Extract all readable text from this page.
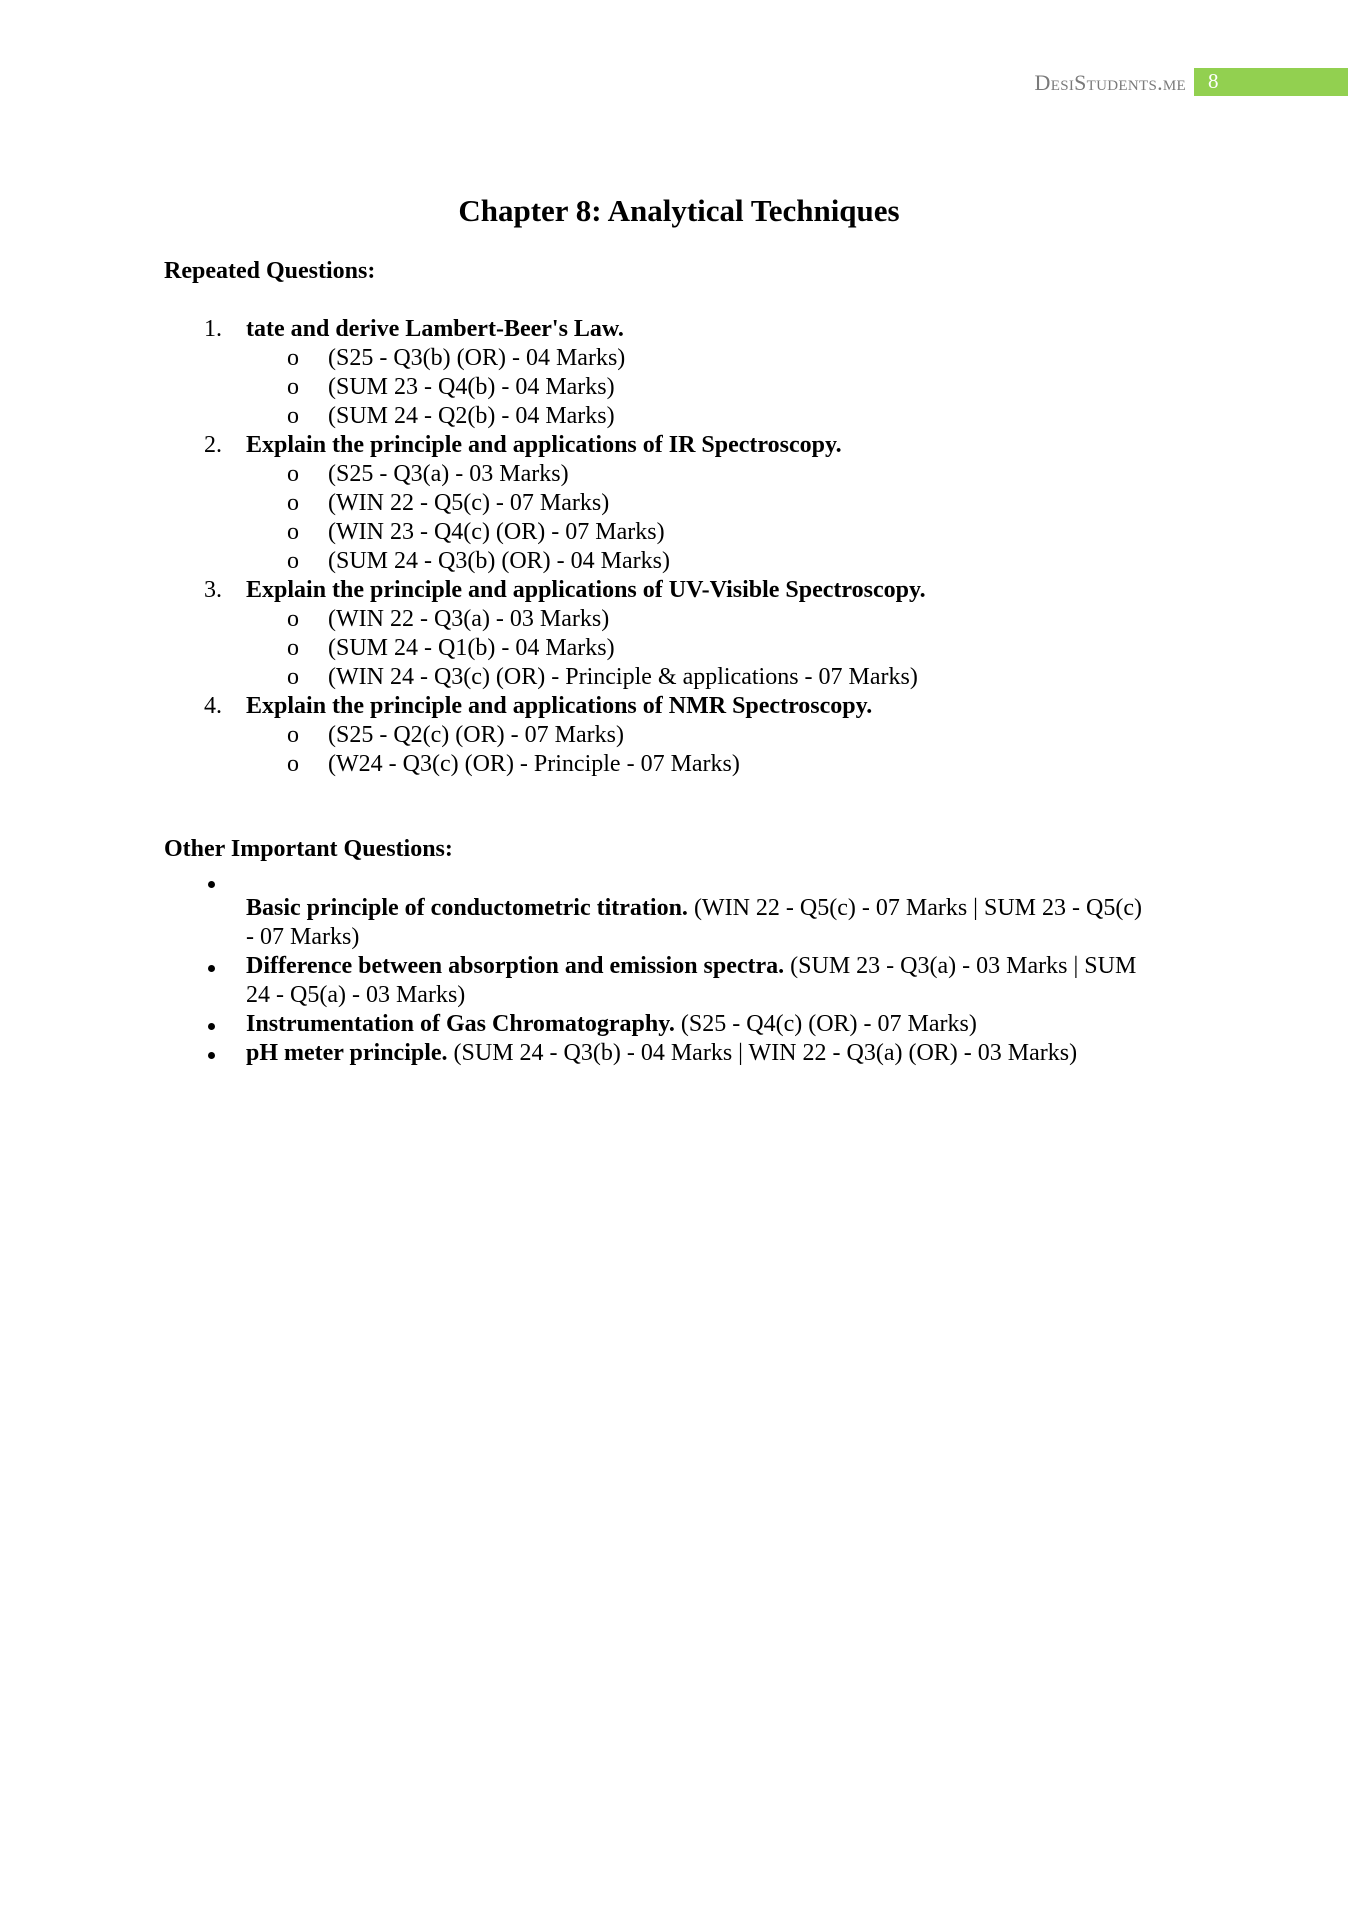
DesiStudents.me 8
Chapter 8: Analytical Techniques
Repeated Questions:
1. tate and derive Lambert-Beer's Law.
o (S25 - Q3(b) (OR) - 04 Marks)
o (SUM 23 - Q4(b) - 04 Marks)
o (SUM 24 - Q2(b) - 04 Marks)
2. Explain the principle and applications of IR Spectroscopy.
o (S25 - Q3(a) - 03 Marks)
o (WIN 22 - Q5(c) - 07 Marks)
o (WIN 23 - Q4(c) (OR) - 07 Marks)
o (SUM 24 - Q3(b) (OR) - 04 Marks)
3. Explain the principle and applications of UV-Visible Spectroscopy.
o (WIN 22 - Q3(a) - 03 Marks)
o (SUM 24 - Q1(b) - 04 Marks)
o (WIN 24 - Q3(c) (OR) - Principle & applications - 07 Marks)
4. Explain the principle and applications of NMR Spectroscopy.
o (S25 - Q2(c) (OR) - 07 Marks)
o (W24 - Q3(c) (OR) - Principle - 07 Marks)
Other Important Questions:
Basic principle of conductometric titration. (WIN 22 - Q5(c) - 07 Marks | SUM 23 - Q5(c)
- 07 Marks)
Difference between absorption and emission spectra. (SUM 23 - Q3(a) - 03 Marks | SUM
24 - Q5(a) - 03 Marks)
Instrumentation of Gas Chromatography. (S25 - Q4(c) (OR) - 07 Marks)
pH meter principle. (SUM 24 - Q3(b) - 04 Marks | WIN 22 - Q3(a) (OR) - 03 Marks)
